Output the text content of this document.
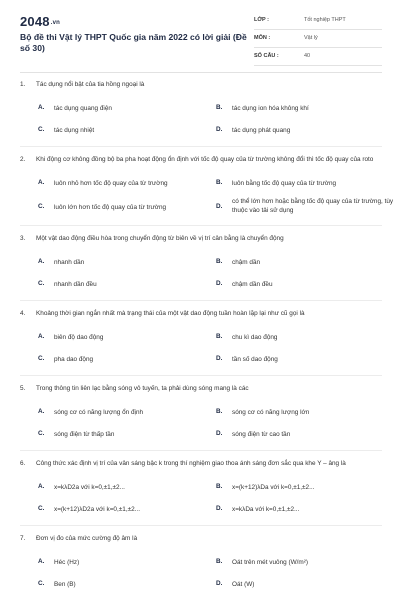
2048.vn
Bộ đề thi Vật lý THPT Quốc gia năm 2022 có lời giải (Đề số 30)
LỚP :	Tốt nghiệp THPT
MÔN :	Vật lý
SỐ CÂU :	40
1. Tác dụng nổi bật của tia hồng ngoại là
A. tác dụng quang điện	B. tác dụng ion hóa không khí
C. tác dụng nhiệt	D. tác dụng phát quang
2. Khi động cơ không đồng bộ ba pha hoạt động ổn định với tốc độ quay của từ trường không đổi thì tốc độ quay của roto
A. luôn nhỏ hơn tốc độ quay của từ trường	B. luôn bằng tốc độ quay của từ trường
C. luôn lớn hơn tốc độ quay của từ trường	D.
có thể lớn hơn hoặc bằng tốc độ quay của từ trường, tùy thuộc vào tải sử dụng
3. Một vật dao động điều hòa trong chuyển động từ biên về vị trí cân bằng là chuyển động
A. nhanh dần	B. chậm dần
C. nhanh dần đều	D. chậm dần đều
4. Khoảng thời gian ngắn nhất mà trạng thái của một vật dao động tuần hoàn lặp lại như cũ gọi là
A. biên độ dao động	B. chu kì dao động
C. pha dao động	D. tần số dao động
5. Trong thông tin liên lạc bằng sóng vô tuyến, ta phải dùng sóng mang là các
A. sóng cơ có năng lượng ổn định	B. sóng cơ có năng lượng lớn
C. sóng điện từ thấp tần	D. sóng điện từ cao tần
6. Công thức xác định vị trí của vân sáng bậc k trong thí nghiệm giao thoa ánh sáng đơn sắc qua khe Y – âng là
A. x=kλD2a với k=0,±1,±2...	B. x=(k+12)λDa với k=0,±1,±2...
C. x=(k+12)λD2a với k=0,±1,±2...	D. x=kλDa với k=0,±1,±2...
7. Đơn vị đo của mức cường độ âm là
A. Héc (Hz)	B. Oát trên mét vuông (W/m²)
C. Ben (B)	D. Oát (W)
